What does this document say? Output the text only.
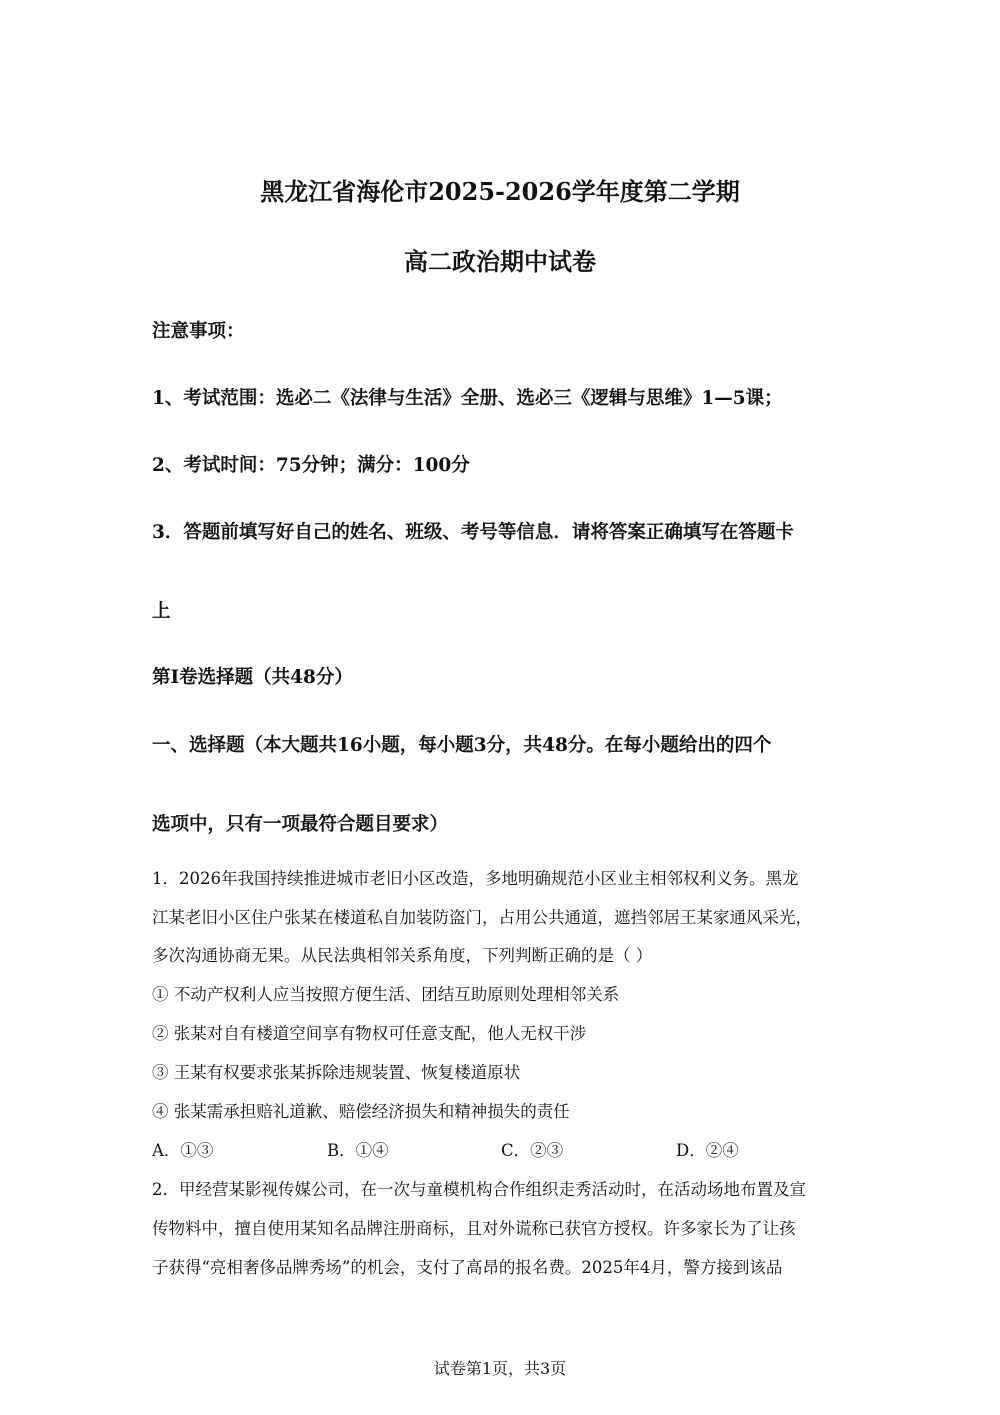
黑龙江省海伦市2025-2026学年度第二学期
高二政治期中试卷
注意事项：
1、考试范围：选必二《法律与生活》全册、选必三《逻辑与思维》1—5课；
2、考试时间：75分钟；满分：100分
3．答题前填写好自己的姓名、班级、考号等信息．请将答案正确填写在答题卡
上
第I卷选择题（共48分）
一、选择题（本大题共16小题，每小题3分，共48分。在每小题给出的四个
选项中，只有一项最符合题目要求）
1．2026年我国持续推进城市老旧小区改造，多地明确规范小区业主相邻权利义务。黑龙
江某老旧小区住户张某在楼道私自加装防盗门，占用公共通道，遮挡邻居王某家通风采光，
多次沟通协商无果。从民法典相邻关系角度，下列判断正确的是（ ）
① 不动产权利人应当按照方便生活、团结互助原则处理相邻关系
② 张某对自有楼道空间享有物权可任意支配，他人无权干涉
③ 王某有权要求张某拆除违规装置、恢复楼道原状
④ 张某需承担赔礼道歉、赔偿经济损失和精神损失的责任
A．①③	B．①④	C．②③	D．②④
2．甲经营某影视传媒公司，在一次与童模机构合作组织走秀活动时，在活动场地布置及宣
传物料中，擅自使用某知名品牌注册商标，且对外谎称已获官方授权。许多家长为了让孩
子获得“亮相奢侈品牌秀场”的机会，支付了高昂的报名费。2025年4月，警方接到该品
试卷第1页，共3页
